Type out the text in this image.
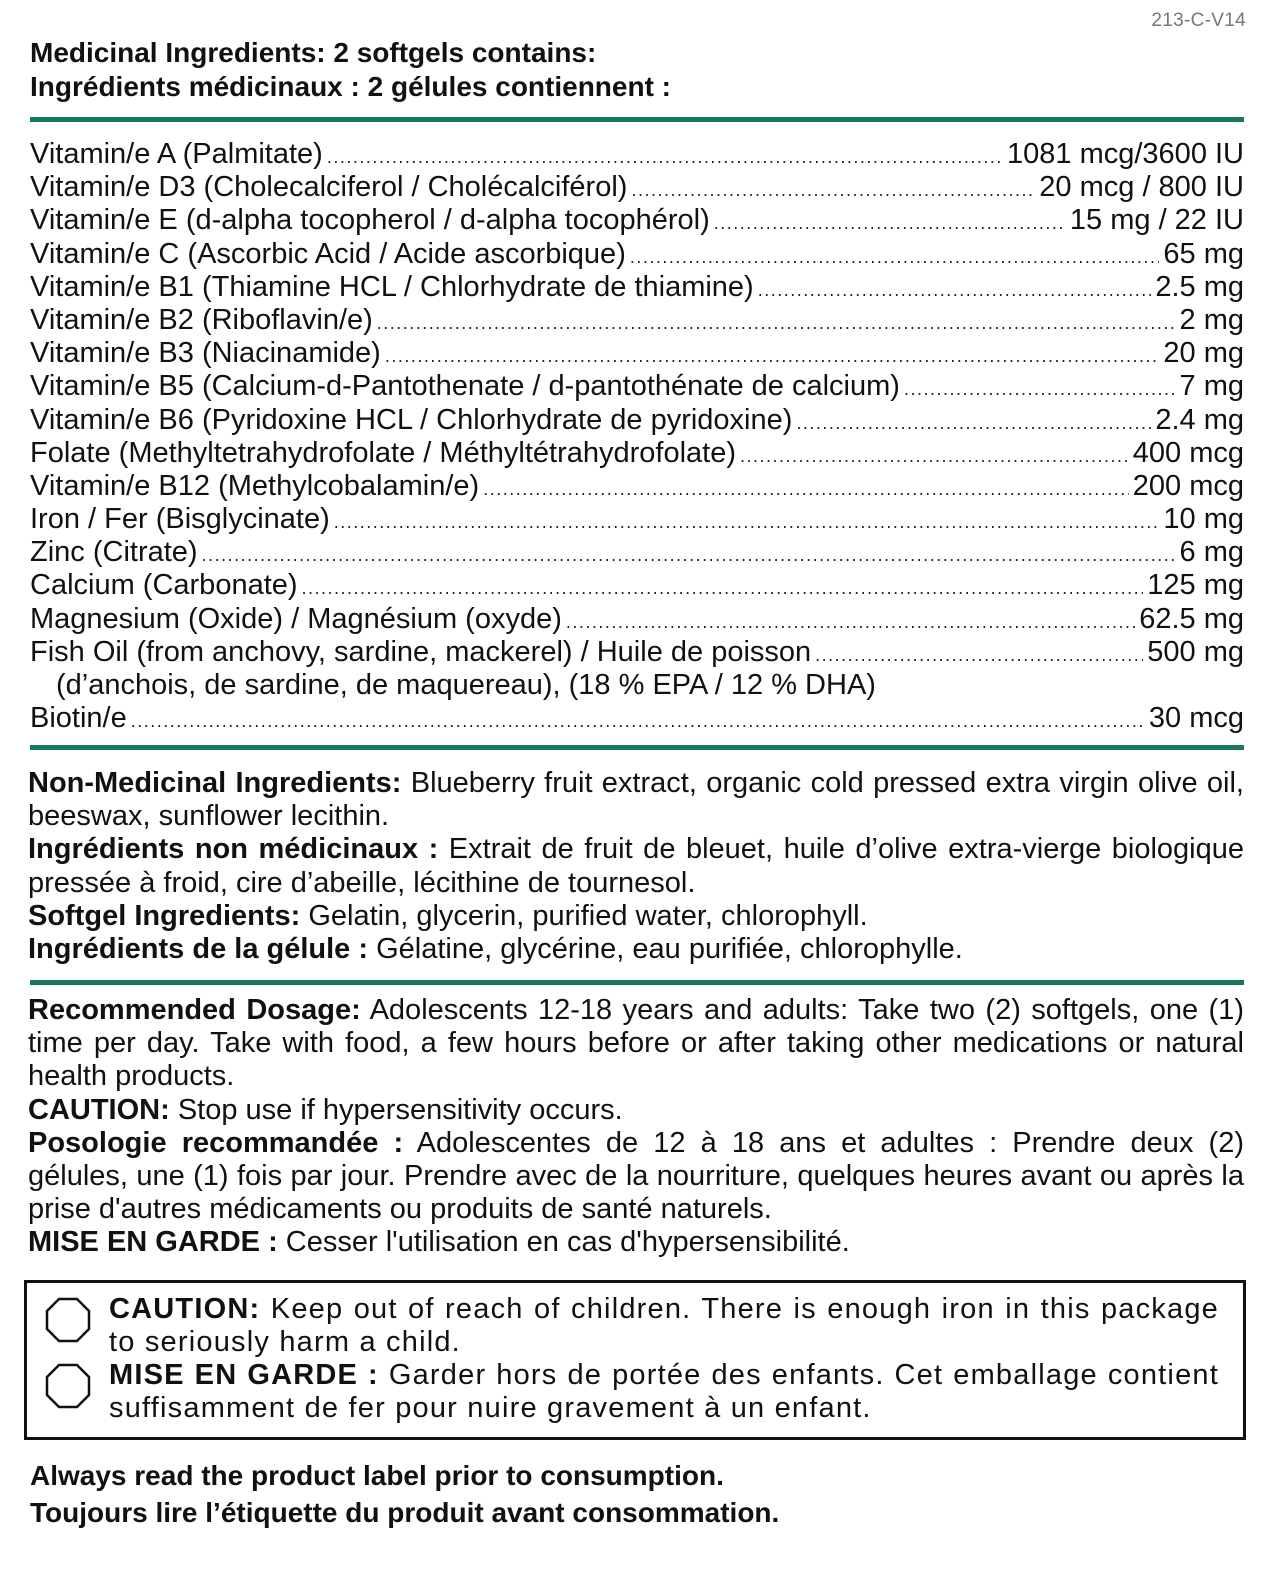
213-C-V14
Medicinal Ingredients: 2 softgels contains:
Ingrédients médicinaux : 2 gélules contiennent :
Vitamin/e A (Palmitate) .....	1081 mcg/3600 IU
Vitamin/e D3 (Cholecalciferol / Cholécalciférol) .....	20 mcg / 800 IU
Vitamin/e E (d-alpha tocopherol / d-alpha tocophérol) .....	15 mg / 22 IU
Vitamin/e C (Ascorbic Acid / Acide ascorbique) .....	65 mg
Vitamin/e B1 (Thiamine HCL / Chlorhydrate de thiamine) .....	2.5 mg
Vitamin/e B2 (Riboflavin/e) .....	2 mg
Vitamin/e B3 (Niacinamide) .....	20 mg
Vitamin/e B5 (Calcium-d-Pantothenate / d-pantothénate de calcium) .....	7 mg
Vitamin/e B6 (Pyridoxine HCL / Chlorhydrate de pyridoxine) .....	2.4 mg
Folate (Methyltetrahydrofolate / Méthyltétrahydrofolate) .....	400 mcg
Vitamin/e B12 (Methylcobalamin/e) .....	200 mcg
Iron / Fer (Bisglycinate) .....	10 mg
Zinc (Citrate) .....	6 mg
Calcium (Carbonate) .....	125 mg
Magnesium (Oxide) / Magnésium (oxyde) .....	62.5 mg
Fish Oil (from anchovy, sardine, mackerel) / Huile de poisson .....	500 mg
(d’anchois, de sardine, de maquereau), (18 % EPA / 12 % DHA)
Biotin/e .....	30 mcg

Non-Medicinal Ingredients: Blueberry fruit extract, organic cold pressed extra virgin olive oil, beeswax, sunflower lecithin.

Ingrédients non médicinaux : Extrait de fruit de bleuet, huile d’olive extra-vierge biologique pressée à froid, cire d’abeille, lécithine de tournesol.

Softgel Ingredients: Gelatin, glycerin, purified water, chlorophyll.

Ingrédients de la gélule : Gélatine, glycérine, eau purifiée, chlorophylle.

Recommended Dosage: Adolescents 12-18 years and adults: Take two (2) softgels, one (1) time per day. Take with food, a few hours before or after taking other medications or natural health products.

CAUTION: Stop use if hypersensitivity occurs.

Posologie recommandée : Adolescentes de 12 à 18 ans et adultes : Prendre deux (2) gélules, une (1) fois par jour. Prendre avec de la nourriture, quelques heures avant ou après la prise d'autres médicaments ou produits de santé naturels.

MISE EN GARDE : Cesser l'utilisation en cas d'hypersensibilité.

CAUTION: Keep out of reach of children. There is enough iron in this package to seriously harm a child.
MISE EN GARDE : Garder hors de portée des enfants. Cet emballage contient suffisamment de fer pour nuire gravement à un enfant.
Always read the product label prior to consumption.
Toujours lire l’étiquette du produit avant consommation.
